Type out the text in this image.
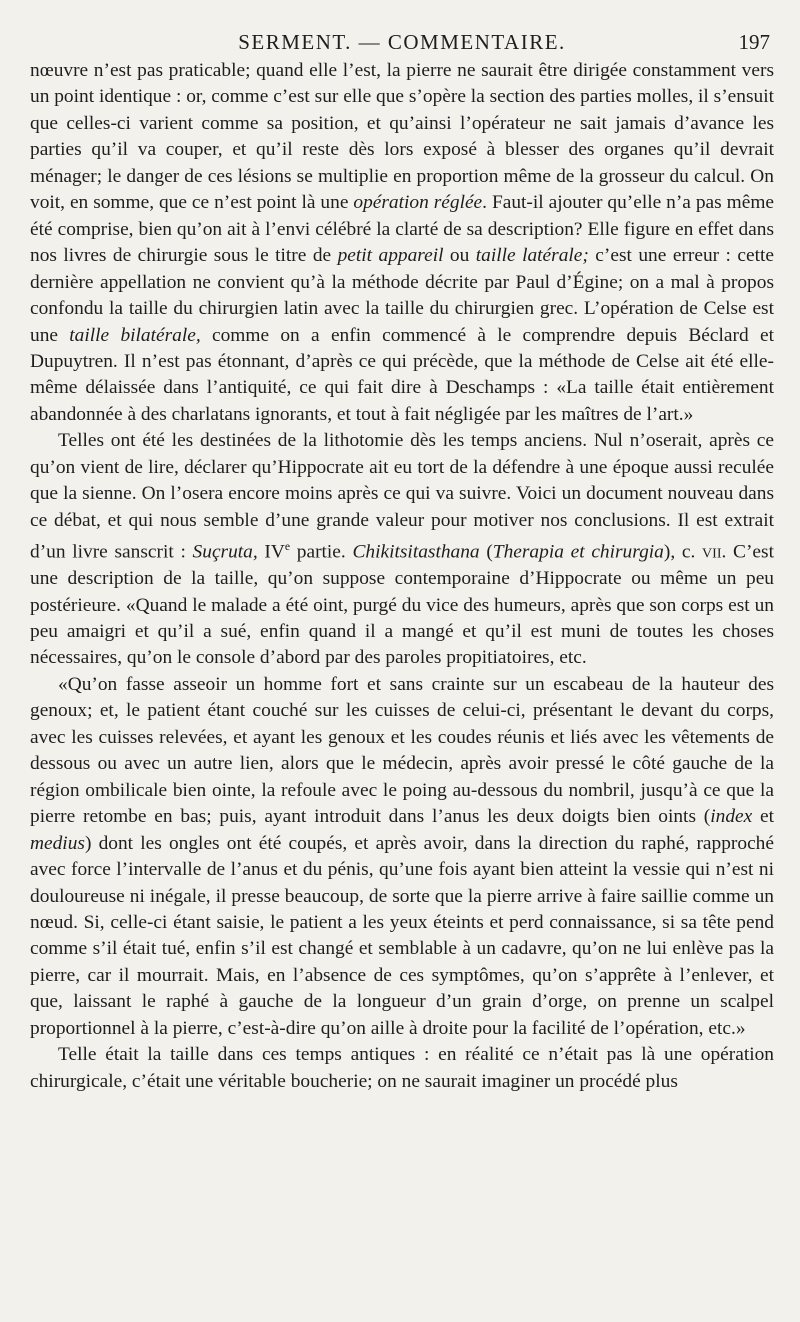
SERMENT. — COMMENTAIRE.	197

nœuvre n’est pas praticable; quand elle l’est, la pierre ne saurait être dirigée constamment vers un point identique : or, comme c’est sur elle que s’opère la section des parties molles, il s’ensuit que celles-ci varient comme sa position, et qu’ainsi l’opérateur ne sait jamais d’avance les parties qu’il va couper, et qu’il reste dès lors exposé à blesser des organes qu’il devrait ménager; le danger de ces lésions se multiplie en proportion même de la grosseur du calcul. On voit, en somme, que ce n’est point là une opération réglée. Faut-il ajouter qu’elle n’a pas même été comprise, bien qu’on ait à l’envi célébré la clarté de sa description? Elle figure en effet dans nos livres de chirurgie sous le titre de petit appareil ou taille latérale; c’est une erreur : cette dernière appellation ne convient qu’à la méthode décrite par Paul d’Égine; on a mal à propos confondu la taille du chirurgien latin avec la taille du chirurgien grec. L’opération de Celse est une taille bilatérale, comme on a enfin commencé à le comprendre depuis Béclard et Dupuytren. Il n’est pas étonnant, d’après ce qui précède, que la méthode de Celse ait été elle-même délaissée dans l’antiquité, ce qui fait dire à Deschamps : «La taille était entièrement abandonnée à des charlatans ignorants, et tout à fait négligée par les maîtres de l’art.»

Telles ont été les destinées de la lithotomie dès les temps anciens. Nul n’oserait, après ce qu’on vient de lire, déclarer qu’Hippocrate ait eu tort de la défendre à une époque aussi reculée que la sienne. On l’osera encore moins après ce qui va suivre. Voici un document nouveau dans ce débat, et qui nous semble d’une grande valeur pour motiver nos conclusions. Il est extrait d’un livre sanscrit : Suçruta, IVe partie. Chikitsitasthana (Therapia et chirurgia), c. vii. C’est une description de la taille, qu’on suppose contemporaine d’Hippocrate ou même un peu postérieure. «Quand le malade a été oint, purgé du vice des humeurs, après que son corps est un peu amaigri et qu’il a sué, enfin quand il a mangé et qu’il est muni de toutes les choses nécessaires, qu’on le console d’abord par des paroles propitiatoires, etc.

«Qu’on fasse asseoir un homme fort et sans crainte sur un escabeau de la hauteur des genoux; et, le patient étant couché sur les cuisses de celui-ci, présentant le devant du corps, avec les cuisses relevées, et ayant les genoux et les coudes réunis et liés avec les vêtements de dessous ou avec un autre lien, alors que le médecin, après avoir pressé le côté gauche de la région ombilicale bien ointe, la refoule avec le poing au-dessous du nombril, jusqu’à ce que la pierre retombe en bas; puis, ayant introduit dans l’anus les deux doigts bien oints (index et medius) dont les ongles ont été coupés, et après avoir, dans la direction du raphé, rapproché avec force l’intervalle de l’anus et du pénis, qu’une fois ayant bien atteint la vessie qui n’est ni douloureuse ni inégale, il presse beaucoup, de sorte que la pierre arrive à faire saillie comme un nœud. Si, celle-ci étant saisie, le patient a les yeux éteints et perd connaissance, si sa tête pend comme s’il était tué, enfin s’il est changé et semblable à un cadavre, qu’on ne lui enlève pas la pierre, car il mourrait. Mais, en l’absence de ces symptômes, qu’on s’apprête à l’enlever, et que, laissant le raphé à gauche de la longueur d’un grain d’orge, on prenne un scalpel proportionnel à la pierre, c’est-à-dire qu’on aille à droite pour la facilité de l’opération, etc.»

Telle était la taille dans ces temps antiques : en réalité ce n’était pas là une opération chirurgicale, c’était une véritable boucherie; on ne saurait imaginer un procédé plus
